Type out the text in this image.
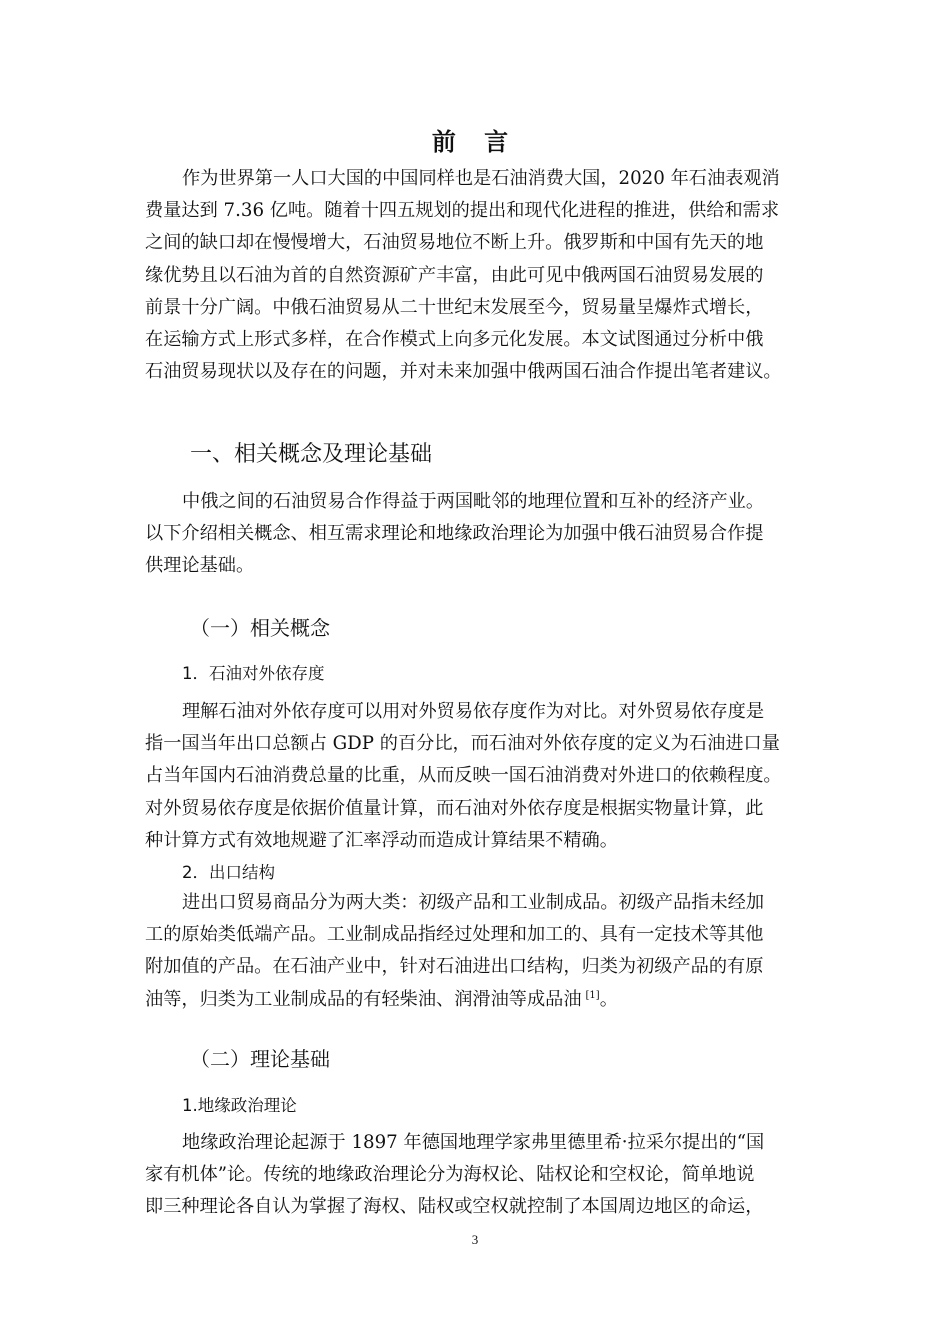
前 言
作为世界第一人口大国的中国同样也是石油消费大国，2020 年石油表观消
费量达到 7.36 亿吨。随着十四五规划的提出和现代化进程的推进，供给和需求
之间的缺口却在慢慢增大，石油贸易地位不断上升。俄罗斯和中国有先天的地
缘优势且以石油为首的自然资源矿产丰富，由此可见中俄两国石油贸易发展的
前景十分广阔。中俄石油贸易从二十世纪末发展至今，贸易量呈爆炸式增长，
在运输方式上形式多样，在合作模式上向多元化发展。本文试图通过分析中俄
石油贸易现状以及存在的问题，并对未来加强中俄两国石油合作提出笔者建议。
一、相关概念及理论基础
中俄之间的石油贸易合作得益于两国毗邻的地理位置和互补的经济产业。
以下介绍相关概念、相互需求理论和地缘政治理论为加强中俄石油贸易合作提
供理论基础。
（一）相关概念
1．石油对外依存度
理解石油对外依存度可以用对外贸易依存度作为对比。对外贸易依存度是
指一国当年出口总额占 GDP 的百分比，而石油对外依存度的定义为石油进口量
占当年国内石油消费总量的比重，从而反映一国石油消费对外进口的依赖程度。
对外贸易依存度是依据价值量计算，而石油对外依存度是根据实物量计算，此
种计算方式有效地规避了汇率浮动而造成计算结果不精确。
2．出口结构
进出口贸易商品分为两大类：初级产品和工业制成品。初级产品指未经加
工的原始类低端产品。工业制成品指经过处理和加工的、具有一定技术等其他
附加值的产品。在石油产业中，针对石油进出口结构，归类为初级产品的有原
油等，归类为工业制成品的有轻柴油、润滑油等成品油 [1]。
（二）理论基础
1.地缘政治理论
地缘政治理论起源于 1897 年德国地理学家弗里德里希·拉采尔提出的“国
家有机体”论。传统的地缘政治理论分为海权论、陆权论和空权论，简单地说
即三种理论各自认为掌握了海权、陆权或空权就控制了本国周边地区的命运，
3
